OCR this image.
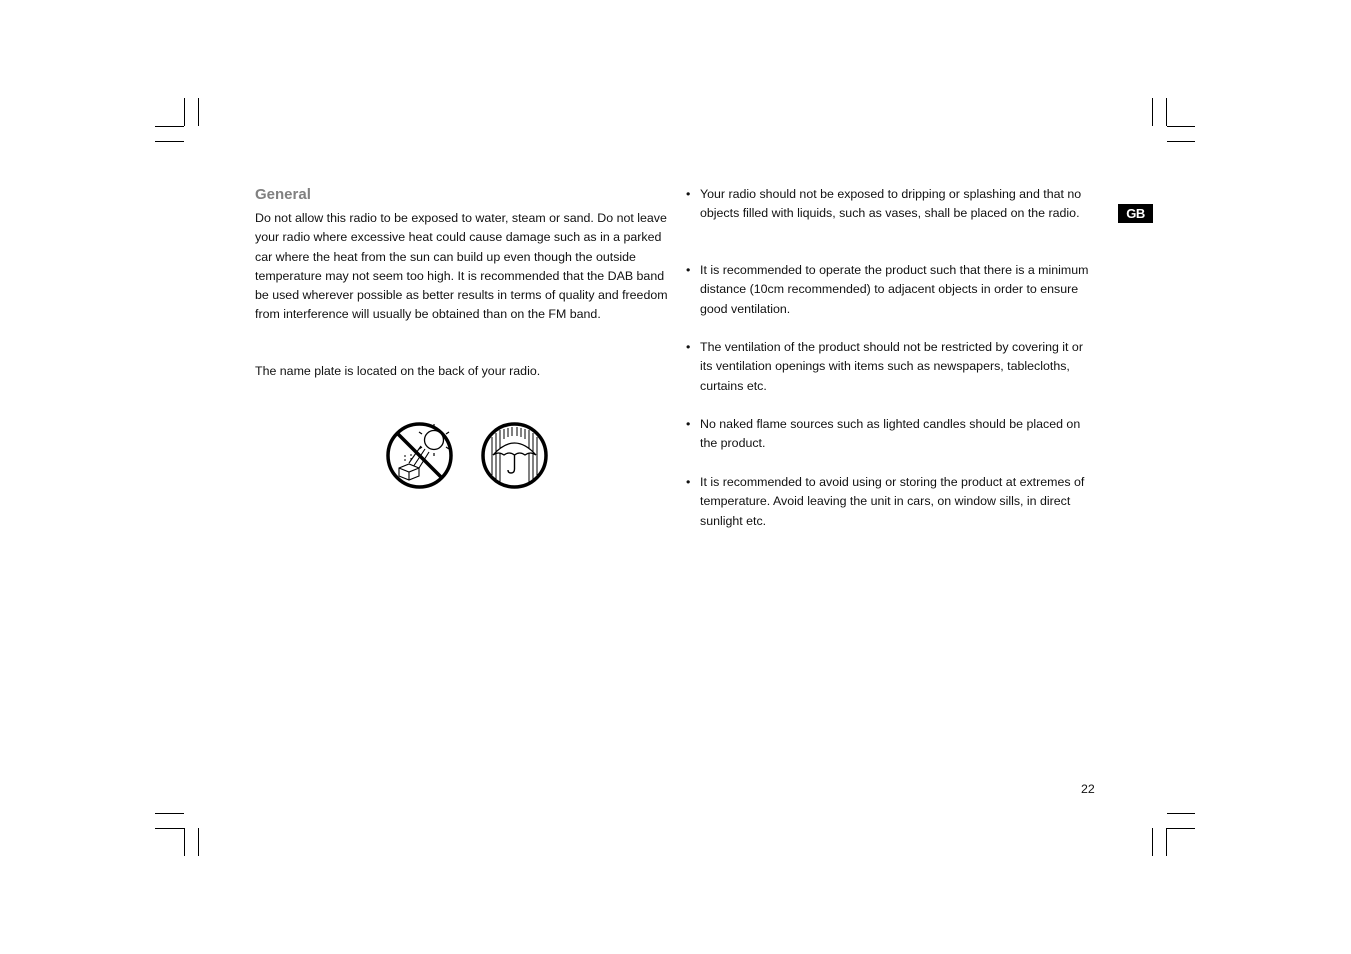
General

Do not allow this radio to be exposed to water, steam or sand. Do not leave your radio where excessive heat could cause damage such as in a parked car where the heat from the sun can build up even though the outside temperature may not seem too high. It is recommended that the DAB band be used wherever possible as better results in terms of quality and freedom from interference will usually be obtained than on the FM band.

The name plate is located on the back of your radio.

• Your radio should not be exposed to dripping or splashing and that no objects filled with liquids, such as vases, shall be placed on the radio.
• It is recommended to operate the product such that there is a minimum distance (10cm recommended) to adjacent objects in order to ensure good ventilation.
• The ventilation of the product should not be restricted by covering it or its ventilation openings with items such as newspapers, tablecloths, curtains etc.
• No naked flame sources such as lighted candles should be placed on the product.
• It is recommended to avoid using or storing the product at extremes of temperature. Avoid leaving the unit in cars, on window sills, in direct sunlight etc.
GB
22
